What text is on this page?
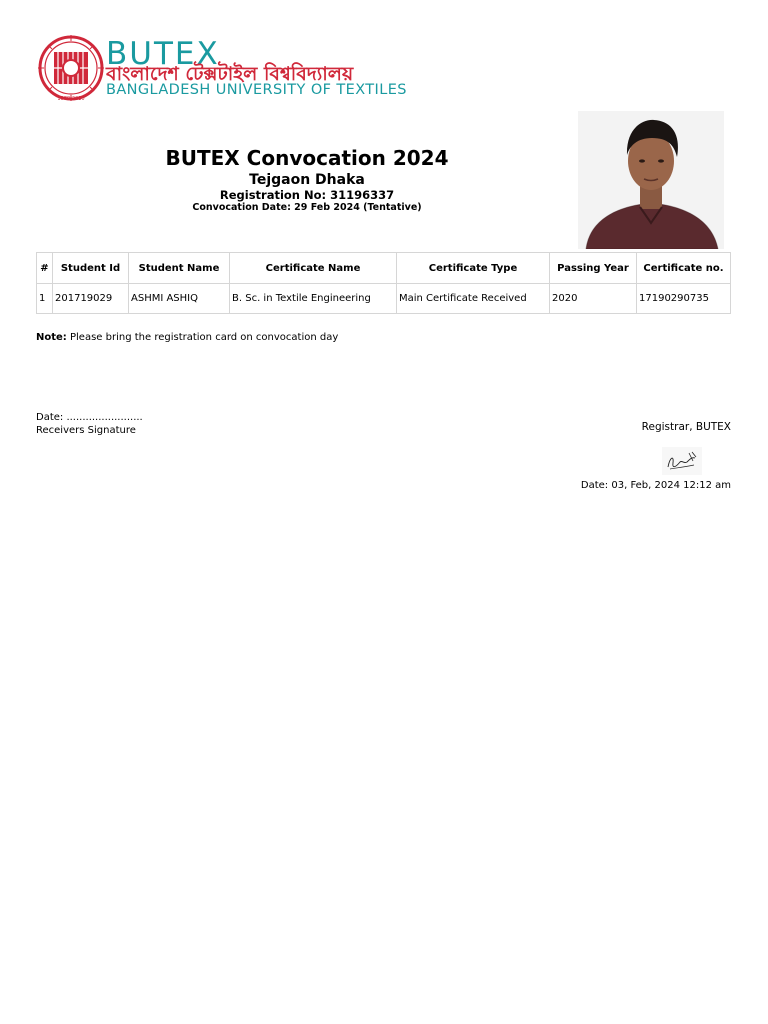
1978-2010
BUTEX
বাংলাদেশ টেক্সটাইল বিশ্ববিদ্যালয়
BANGLADESH UNIVERSITY OF TEXTILES

BUTEX Convocation 2024

Tejgaon Dhaka

Registration No: 31196337

Convocation Date: 29 Feb 2024 (Tentative)

#	Student Id	Student Name	Certificate Name	Certificate Type	Passing Year	Certificate no.
1	201719029	ASHMI ASHIQ	B. Sc. in Textile Engineering	Main Certificate Received	2020	17190290735
Note: Please bring the registration card on convocation day
Date: ........................
Receivers Signature	Registrar, BUTEX
Date: 03, Feb, 2024 12:12 am
